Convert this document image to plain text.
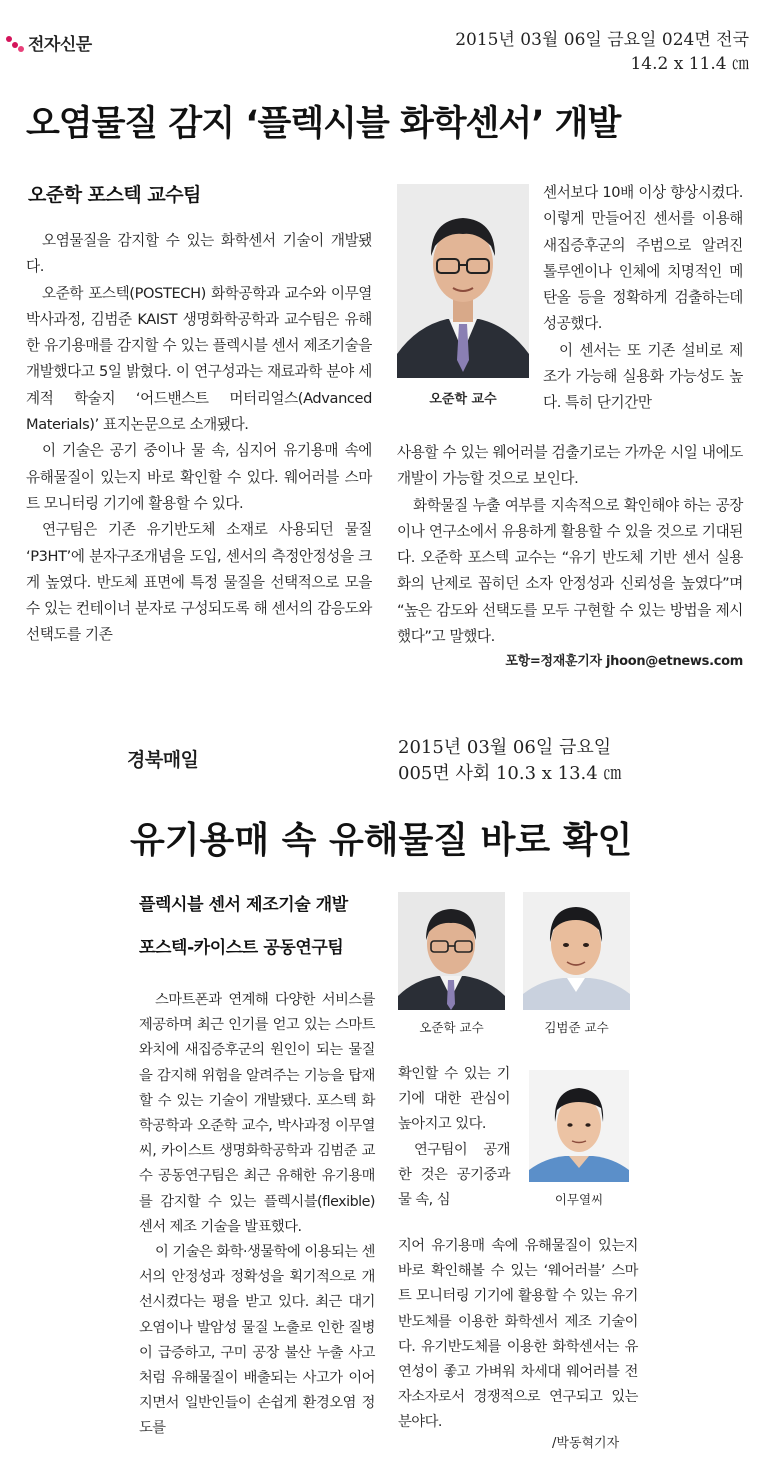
전자신문	2015년 03월 06일 금요일 024면 전국
14.2 x 11.4 ㎝
오염물질 감지 ‘플렉시블 화학센서’ 개발
오준학 포스텍 교수팀

오염물질을 감지할 수 있는 화학센서 기술이 개발됐다.

오준학 포스텍(POSTECH) 화학공학과 교수와 이무열 박사과정, 김범준 KAIST 생명화학공학과 교수팀은 유해한 유기용매를 감지할 수 있는 플렉시블 센서 제조기술을 개발했다고 5일 밝혔다. 이 연구성과는 재료과학 분야 세계적 학술지 ‘어드밴스트 머터리얼스(Advanced Materials)’ 표지논문으로 소개됐다.

이 기술은 공기 중이나 물 속, 심지어 유기용매 속에 유해물질이 있는지 바로 확인할 수 있다. 웨어러블 스마트 모니터링 기기에 활용할 수 있다.

연구팀은 기존 유기반도체 소재로 사용되던 물질 ‘P3HT’에 분자구조개념을 도입, 센서의 측정안정성을 크게 높였다. 반도체 표면에 특정 물질을 선택적으로 모을 수 있는 컨테이너 분자로 구성되도록 해 센서의 감응도와 선택도를 기존

오준학 교수

센서보다 10배 이상 향상시켰다. 이렇게 만들어진 센서를 이용해 새집증후군의 주범으로 알려진 톨루엔이나 인체에 치명적인 메탄올 등을 정확하게 검출하는데 성공했다.

이 센서는 또 기존 설비로 제조가 가능해 실용화 가능성도 높다. 특히 단기간만

사용할 수 있는 웨어러블 검출기로는 가까운 시일 내에도 개발이 가능할 것으로 보인다.

화학물질 누출 여부를 지속적으로 확인해야 하는 공장이나 연구소에서 유용하게 활용할 수 있을 것으로 기대된다. 오준학 포스텍 교수는 “유기 반도체 기반 센서 실용화의 난제로 꼽히던 소자 안정성과 신뢰성을 높였다”며 “높은 감도와 선택도를 모두 구현할 수 있는 방법을 제시했다”고 말했다.

포항=정재훈기자 jhoon@etnews.com
경북매일
2015년 03월 06일 금요일
005면 사회 10.3 x 13.4 ㎝
유기용매 속 유해물질 바로 확인
플렉시블 센서 제조기술 개발
포스텍-카이스트 공동연구팀

스마트폰과 연계해 다양한 서비스를 제공하며 최근 인기를 얻고 있는 스마트와치에 새집증후군의 원인이 되는 물질을 감지해 위험을 알려주는 기능을 탑재할 수 있는 기술이 개발됐다. 포스텍 화학공학과 오준학 교수, 박사과정 이무열씨, 카이스트 생명화학공학과 김범준 교수 공동연구팀은 최근 유해한 유기용매를 감지할 수 있는 플렉시블(flexible) 센서 제조 기술을 발표했다.

이 기술은 화학·생물학에 이용되는 센서의 안정성과 정확성을 획기적으로 개선시켰다는 평을 받고 있다. 최근 대기오염이나 발암성 물질 노출로 인한 질병이 급증하고, 구미 공장 불산 누출 사고처럼 유해물질이 배출되는 사고가 이어지면서 일반인들이 손쉽게 환경오염 정도를

오준학 교수	김범준 교수

확인할 수 있는 기기에 대한 관심이 높아지고 있다.

연구팀이 공개한 것은 공기중과 물 속, 심	이무열씨

지어 유기용매 속에 유해물질이 있는지 바로 확인해볼 수 있는 ‘웨어러블’ 스마트 모니터링 기기에 활용할 수 있는 유기반도체를 이용한 화학센서 제조 기술이다. 유기반도체를 이용한 화학센서는 유연성이 좋고 가벼워 차세대 웨어러블 전자소자로서 경쟁적으로 연구되고 있는 분야다.

/박동혁기자
